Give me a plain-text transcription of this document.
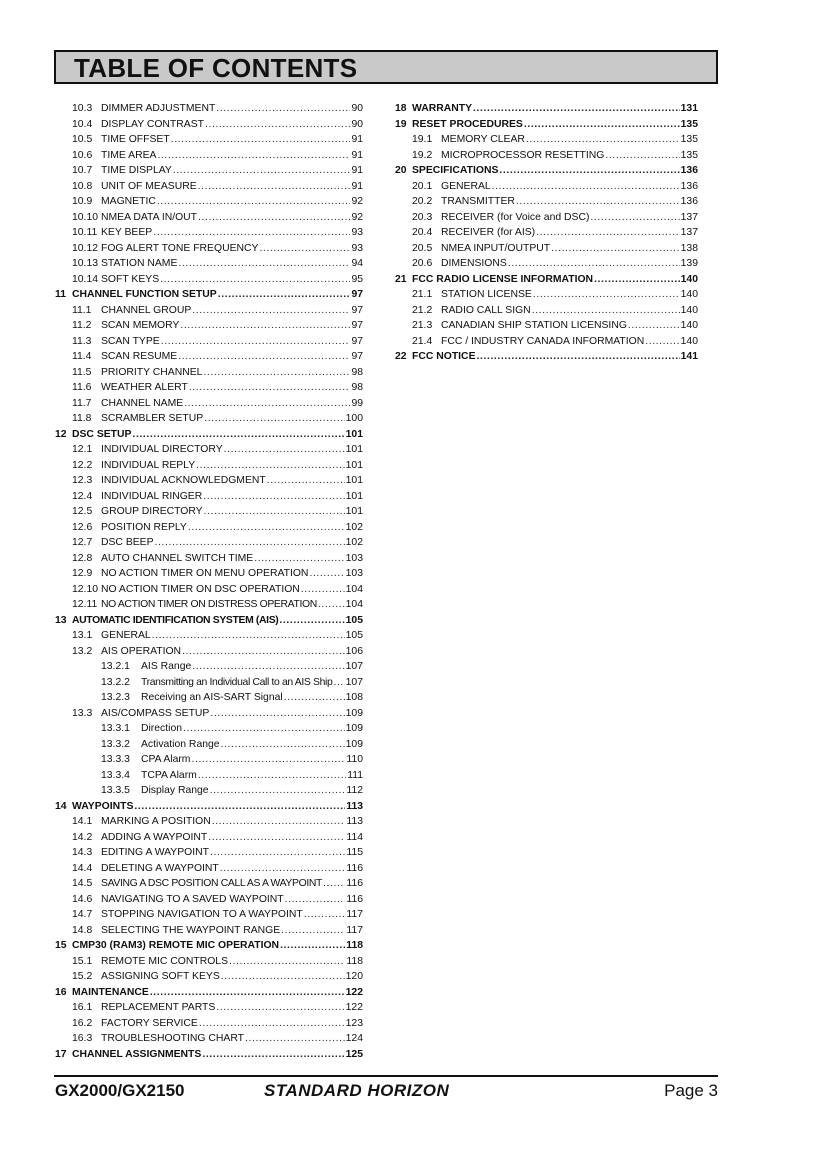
TABLE OF CONTENTS
10.3 DIMMER ADJUSTMENT .....	90
10.4 DISPLAY CONTRAST .....	90
10.5 TIME OFFSET .....	91
10.6 TIME AREA .....	91
10.7 TIME DISPLAY .....	91
10.8 UNIT OF MEASURE .....	91
10.9 MAGNETIC .....	92
10.10 NMEA DATA IN/OUT .....	92
10.11 KEY BEEP .....	93
10.12 FOG ALERT TONE FREQUENCY .....	93
10.13 STATION NAME .....	94
10.14 SOFT KEYS .....	95
11 CHANNEL FUNCTION SETUP .....	97
11.1 CHANNEL GROUP .....	97
11.2 SCAN MEMORY .....	97
11.3 SCAN TYPE .....	97
11.4 SCAN RESUME .....	97
11.5 PRIORITY CHANNEL .....	98
11.6 WEATHER ALERT .....	98
11.7 CHANNEL NAME .....	99
11.8 SCRAMBLER SETUP .....	100
12 DSC SETUP .....	101
12.1 INDIVIDUAL DIRECTORY .....	101
12.2 INDIVIDUAL REPLY .....	101
12.3 INDIVIDUAL ACKNOWLEDGMENT .....	101
12.4 INDIVIDUAL RINGER .....	101
12.5 GROUP DIRECTORY .....	101
12.6 POSITION REPLY .....	102
12.7 DSC BEEP .....	102
12.8 AUTO CHANNEL SWITCH TIME .....	103
12.9 NO ACTION TIMER ON MENU OPERATION .....	103
12.10 NO ACTION TIMER ON DSC OPERATION .....	104
12.11 NO ACTION TIMER ON DISTRESS OPERATION .....	104
13 AUTOMATIC IDENTIFICATION SYSTEM (AIS) .....	105
13.1 GENERAL .....	105
13.2 AIS OPERATION .....	106
13.2.1	AIS Range .....	107
13.2.2	Transmitting an Individual Call to an AIS Ship ..... 107
13.2.3	Receiving an AIS-SART Signal .....	108
13.3 AIS/COMPASS SETUP .....	109
13.3.1	Direction .....	109
13.3.2	Activation Range .....	109
13.3.3	CPA Alarm .....	110
13.3.4	TCPA Alarm .....	111
13.3.5	Display Range .....	112
14 WAYPOINTS .....	113
14.1 MARKING A POSITION .....	113
14.2 ADDING A WAYPOINT .....	114
14.3 EDITING A WAYPOINT .....	115
14.4 DELETING A WAYPOINT .....	116
14.5 SAVING A DSC POSITION CALL AS A WAYPOINT ..... 116
14.6 NAVIGATING TO A SAVED WAYPOINT .....	116
14.7 STOPPING NAVIGATION TO A WAYPOINT .....	117
14.8 SELECTING THE WAYPOINT RANGE .....	117
15 CMP30 (RAM3) REMOTE MIC OPERATION .....	118
15.1 REMOTE MIC CONTROLS .....	118
15.2 ASSIGNING SOFT KEYS .....	120
16 MAINTENANCE .....	122
16.1 REPLACEMENT PARTS .....	122
16.2 FACTORY SERVICE .....	123
16.3 TROUBLESHOOTING CHART .....	124
17 CHANNEL ASSIGNMENTS .....	125
18 WARRANTY .....	131
19 RESET PROCEDURES .....	135
19.1 MEMORY CLEAR .....	135
19.2 MICROPROCESSOR RESETTING .....	135
20 SPECIFICATIONS .....	136
20.1 GENERAL .....	136
20.2 TRANSMITTER .....	136
20.3 RECEIVER (for Voice and DSC) .....	137
20.4 RECEIVER (for AIS) .....	137
20.5 NMEA INPUT/OUTPUT .....	138
20.6 DIMENSIONS .....	139
21 FCC RADIO LICENSE INFORMATION .....	140
21.1 STATION LICENSE .....	140
21.2 RADIO CALL SIGN .....	140
21.3 CANADIAN SHIP STATION LICENSING .....	140
21.4 FCC / INDUSTRY CANADA INFORMATION .....	140
22 FCC NOTICE .....	141
GX2000/GX2150	STANDARD HORIZON	Page 3
